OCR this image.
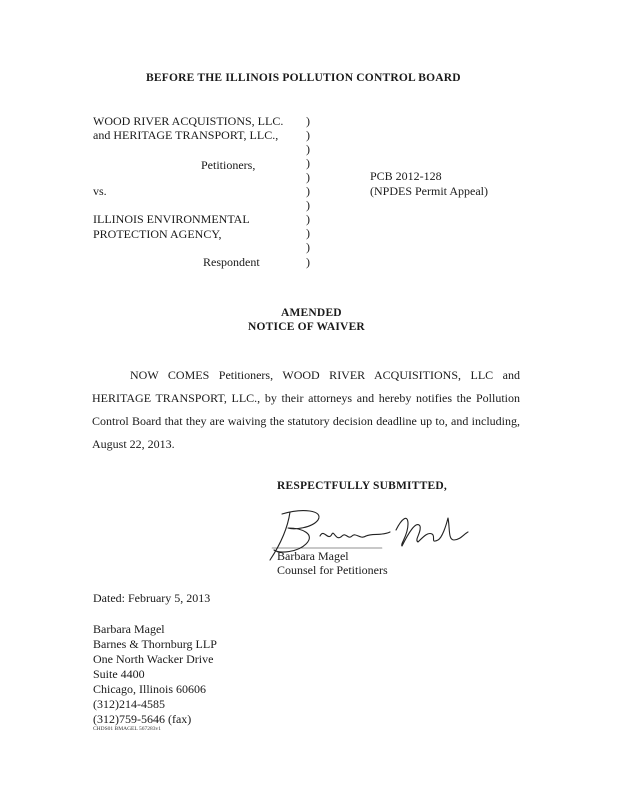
BEFORE THE ILLINOIS POLLUTION CONTROL BOARD
WOOD RIVER ACQUISTIONS, LLC.
and HERITAGE TRANSPORT, LLC.,
Petitioners,
vs.
ILLINOIS ENVIRONMENTAL
PROTECTION AGENCY,
Respondent
)
)
)
)
)
)
)
)
)
)
)
PCB 2012-128
(NPDES Permit Appeal)
AMENDED
NOTICE OF WAIVER
NOW COMES Petitioners, WOOD RIVER ACQUISITIONS, LLC and
HERITAGE TRANSPORT, LLC., by their attorneys and hereby notifies the Pollution
Control Board that they are waiving the statutory decision deadline up to, and including,
August 22, 2013.
RESPECTFULLY SUBMITTED,
Barbara Magel
Counsel for Petitioners
Dated: February 5, 2013
Barbara Magel
Barnes & Thornburg LLP
One North Wacker Drive
Suite 4400
Chicago, Illinois 60606
(312)214-4585
(312)759-5646 (fax)
CHDS01 BMAGEL 567283v1
